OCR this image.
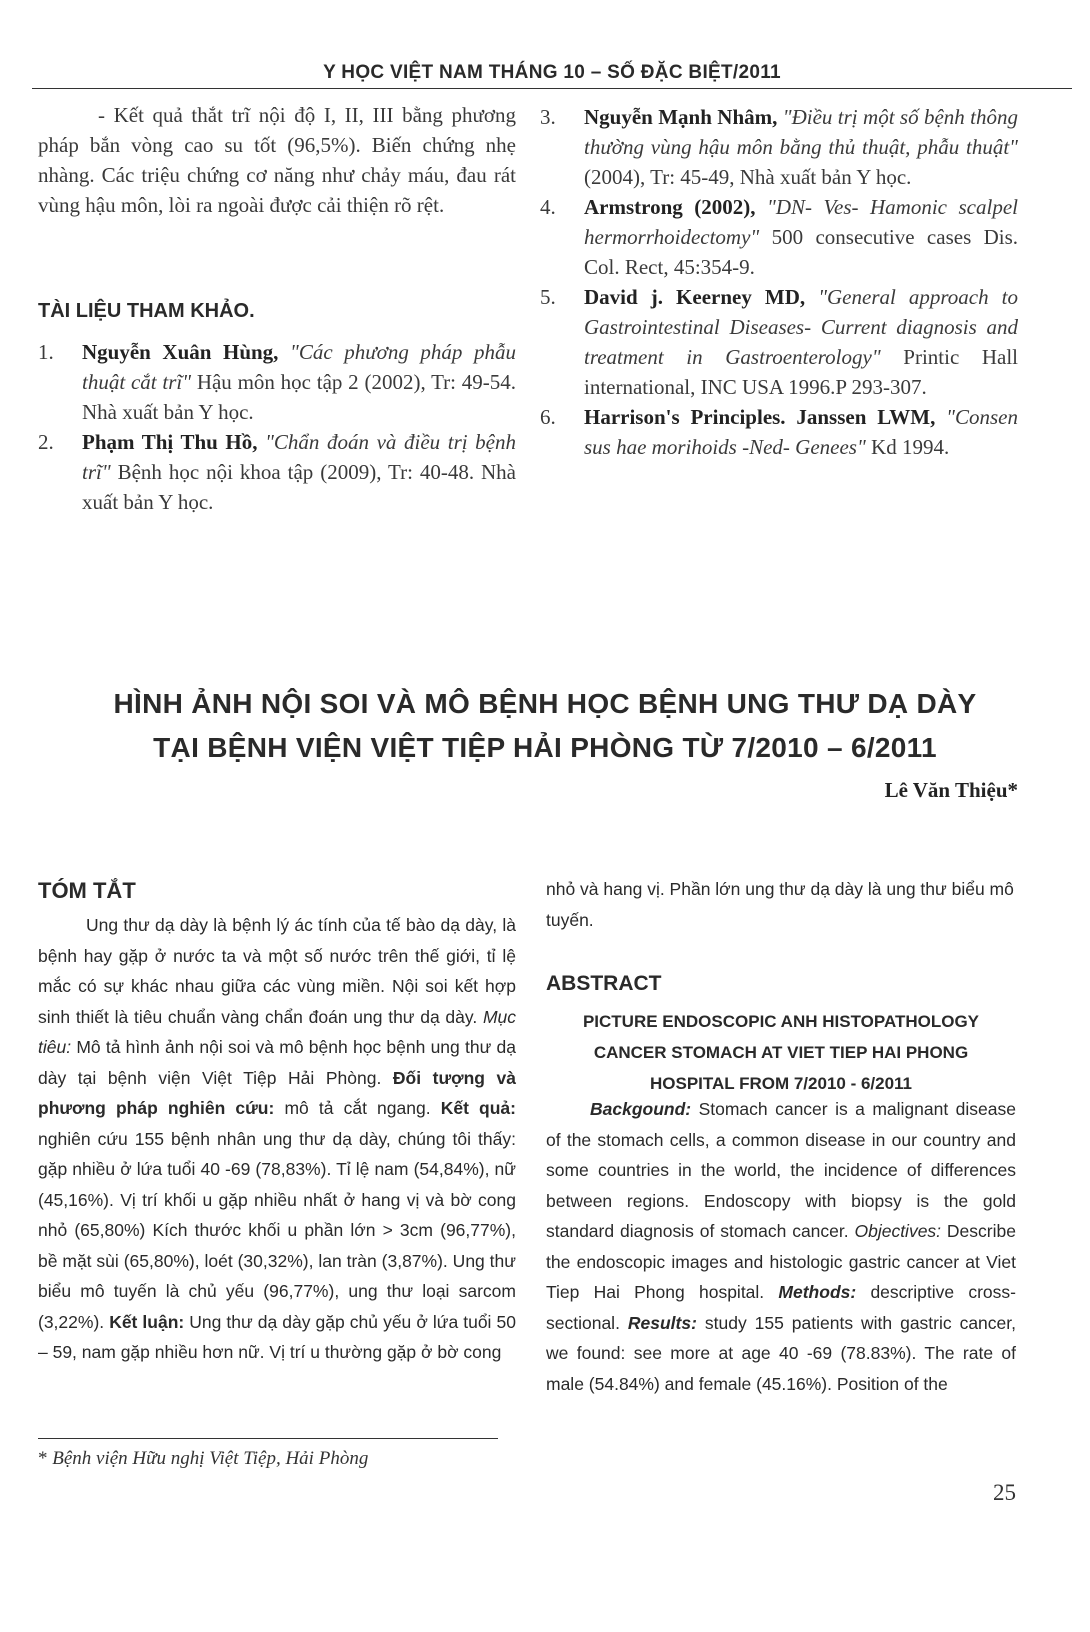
Y HỌC VIỆT NAM THÁNG 10 – SỐ ĐẶC BIỆT/2011

- Kết quả thắt trĩ nội độ I, II, III bằng phương pháp bắn vòng cao su tốt (96,5%). Biến chứng nhẹ nhàng. Các triệu chứng cơ năng như chảy máu, đau rát vùng hậu môn, lòi ra ngoài được cải thiện rõ rệt.

TÀI LIỆU THAM KHẢO.
1. Nguyễn Xuân Hùng, "Các phương pháp phẫu thuật cắt trĩ" Hậu môn học tập 2 (2002), Tr: 49-54. Nhà xuất bản Y học.
2. Phạm Thị Thu Hồ, "Chẩn đoán và điều trị bệnh trĩ" Bệnh học nội khoa tập (2009), Tr: 40-48. Nhà xuất bản Y học.
3. Nguyễn Mạnh Nhâm, "Điều trị một số bệnh thông thường vùng hậu môn bằng thủ thuật, phẫu thuật" (2004), Tr: 45-49, Nhà xuất bản Y học.
4. Armstrong (2002), "DN- Ves- Hamonic scalpel hermorrhoidectomy" 500 consecutive cases Dis. Col. Rect, 45:354-9.
5. David j. Keerney MD, "General approach to Gastrointestinal Diseases- Current diagnosis and treatment in Gastroenterology" Printic Hall international, INC USA 1996.P 293-307.
6. Harrison's Principles. Janssen LWM, "Consen sus hae morihoids -Ned- Genees" Kd 1994.
HÌNH ẢNH NỘI SOI VÀ MÔ BỆNH HỌC BỆNH UNG THƯ DẠ DÀY
TẠI BỆNH VIỆN VIỆT TIỆP HẢI PHÒNG TỪ 7/2010 – 6/2011
Lê Văn Thiệu*
TÓM TẮT

Ung thư dạ dày là bệnh lý ác tính của tế bào dạ dày, là bệnh hay gặp ở nước ta và một số nước trên thế giới, tỉ lệ mắc có sự khác nhau giữa các vùng miền. Nội soi kết hợp sinh thiết là tiêu chuẩn vàng chẩn đoán ung thư dạ dày. Mục tiêu: Mô tả hình ảnh nội soi và mô bệnh học bệnh ung thư dạ dày tại bệnh viện Việt Tiệp Hải Phòng. Đối tượng và phương pháp nghiên cứu: mô tả cắt ngang. Kết quả: nghiên cứu 155 bệnh nhân ung thư dạ dày, chúng tôi thấy: gặp nhiều ở lứa tuổi 40 -69 (78,83%). Tỉ lệ nam (54,84%), nữ (45,16%). Vị trí khối u gặp nhiều nhất ở hang vị và bờ cong nhỏ (65,80%) Kích thước khối u phần lớn > 3cm (96,77%), bề mặt sùi (65,80%), loét (30,32%), lan tràn (3,87%). Ung thư biểu mô tuyến là chủ yếu (96,77%), ung thư loại sarcom (3,22%). Kết luận: Ung thư dạ dày gặp chủ yếu ở lứa tuổi 50 – 59, nam gặp nhiều hơn nữ. Vị trí u thường gặp ở bờ cong

nhỏ và hang vị. Phần lớn ung thư dạ dày là ung thư biểu mô tuyến.

ABSTRACT
PICTURE ENDOSCOPIC ANH HISTOPATHOLOGY
CANCER STOMACH AT VIET TIEP HAI PHONG
HOSPITAL FROM 7/2010 - 6/2011

Backgound: Stomach cancer is a malignant disease of the stomach cells, a common disease in our country and some countries in the world, the incidence of differences between regions. Endoscopy with biopsy is the gold standard diagnosis of stomach cancer. Objectives: Describe the endoscopic images and histologic gastric cancer at Viet Tiep Hai Phong hospital. Methods: descriptive cross-sectional. Results: study 155 patients with gastric cancer, we found: see more at age 40 -69 (78.83%). The rate of male (54.84%) and female (45.16%). Position of the

* Bệnh viện Hữu nghị Việt Tiệp, Hải Phòng
25
